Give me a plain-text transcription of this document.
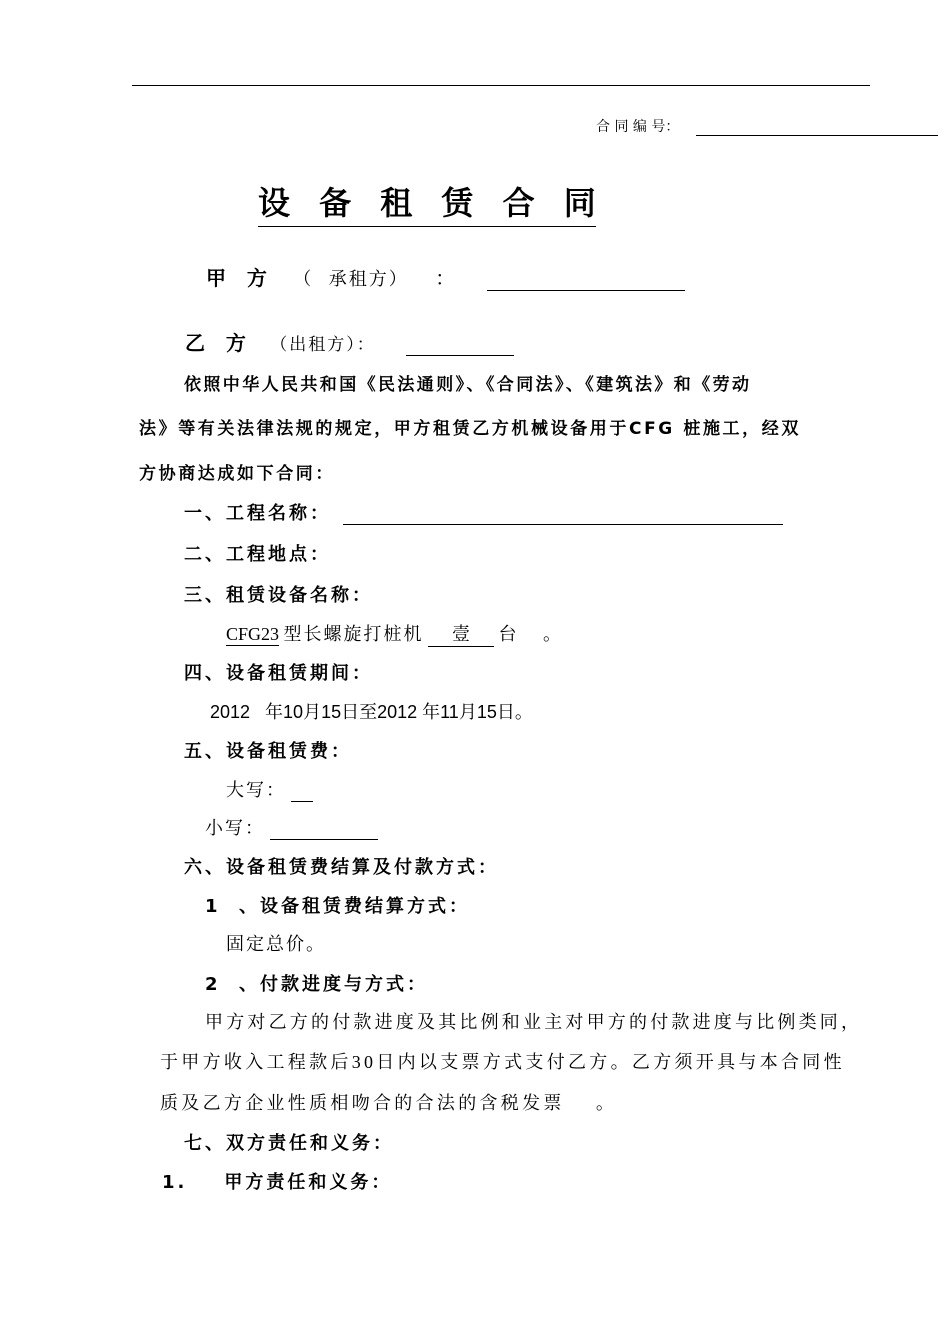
合 同 编 号：
设 备 租 赁 合 同
甲   方 （  承租方） ：
乙   方 （出租方）：
依照中华人民共和国《民法通则》、《合同法》、《建筑法》和《劳动
法》等有关法律法规的规定，甲方租赁乙方机械设备用于CFG 桩施工，经双
方协商达成如下合同：
一、工程名称：
二、工程地点：
三、租赁设备名称：
CFG23 型长螺旋打桩机 壹 台 。
四、设备租赁期间：
2012   年10月15日至2012 年11月15日。
五、设备租赁费：
大写：
小写：
六、设备租赁费结算及付款方式：
1  、设备租赁费结算方式：
固定总价。
2  、付款进度与方式：
甲方对乙方的付款进度及其比例和业主对甲方的付款进度与比例类同，
于甲方收入工程款后30日内以支票方式支付乙方。乙方须开具与本合同性
质及乙方企业性质相吻合的合法的含税发票    。
七、双方责任和义务：
1.    甲方责任和义务：
